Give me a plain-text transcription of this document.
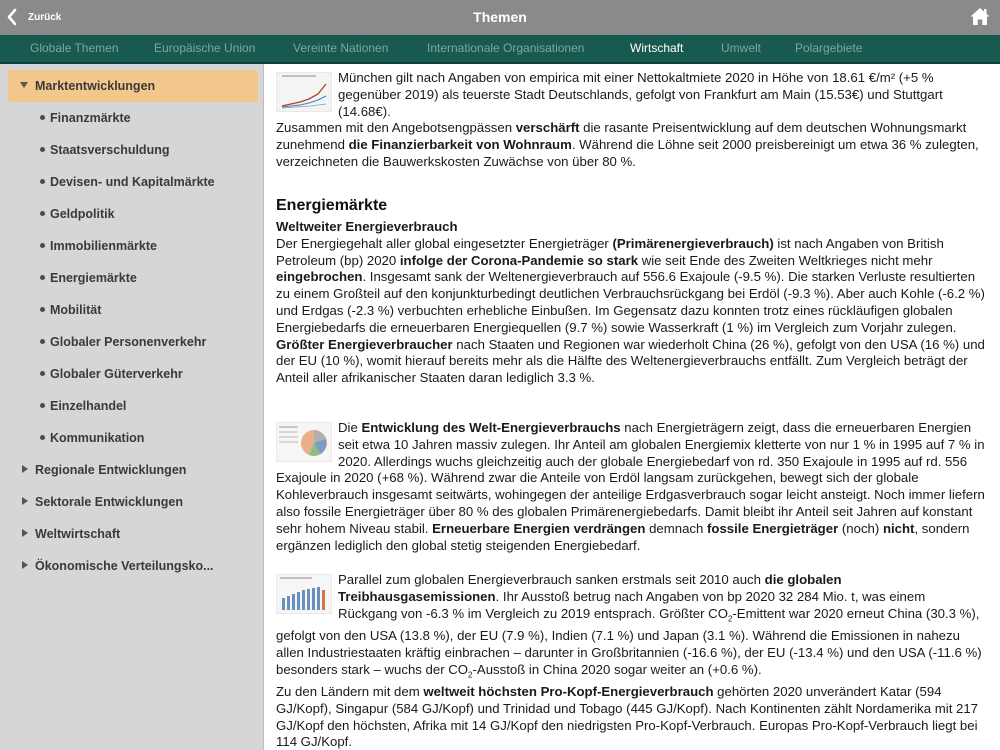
Zurück	Themen
Globale Themen	Europäische Union	Vereinte Nationen	Internationale Organisationen	Wirtschaft	Umwelt	Polargebiete
Marktentwicklungen
Finanzmärkte
Staatsverschuldung
Devisen- und Kapitalmärkte
Geldpolitik
Immobilienmärkte
Energiemärkte
Mobilität
Globaler Personenverkehr
Globaler Güterverkehr
Einzelhandel
Kommunikation
Regionale Entwicklungen
Sektorale Entwicklungen
Weltwirtschaft
Ökonomische Verteilungsko...
München gilt nach Angaben von empirica mit einer Nettokaltmiete 2020 in Höhe von 18.61 €/m² (+5 % gegenüber 2019) als teuerste Stadt Deutschlands, gefolgt von Frankfurt am Main (15.53€) und Stuttgart (14.68€).
Zusammen mit den Angebotsengpässen verschärft die rasante Preisentwicklung auf dem deutschen Wohnungsmarkt zunehmend die Finanzierbarkeit von Wohnraum. Während die Löhne seit 2000 preisbereinigt um etwa 36 % zulegten, verzeichneten die Bauwerkskosten Zuwächse von über 80 %.
Energiemärkte
Weltweiter Energieverbrauch
Der Energiegehalt aller global eingesetzter Energieträger (Primärenergieverbrauch) ist nach Angaben von British Petroleum (bp) 2020 infolge der Corona-Pandemie so stark wie seit Ende des Zweiten Weltkrieges nicht mehr eingebrochen. Insgesamt sank der Weltenergieverbrauch auf 556.6 Exajoule (-9.5 %). Die starken Verluste resultierten zu einem Großteil auf den konjunkturbedingt deutlichen Verbrauchsrückgang bei Erdöl (-9.3 %). Aber auch Kohle (-6.2 %) und Erdgas (-2.3 %) verbuchten erhebliche Einbußen. Im Gegensatz dazu konnten trotz eines rückläufigen globalen Energiebedarfs die erneuerbaren Energiequellen (9.7 %) sowie Wasserkraft (1 %) im Vergleich zum Vorjahr zulegen.
Größter Energieverbraucher nach Staaten und Regionen war wiederholt China (26 %), gefolgt von den USA (16 %) und der EU (10 %), womit hierauf bereits mehr als die Hälfte des Weltenergieverbrauchs entfällt. Zum Vergleich beträgt der Anteil aller afrikanischer Staaten daran lediglich 3.3 %.
Die Entwicklung des Welt-Energieverbrauchs nach Energieträgern zeigt, dass die erneuerbaren Energien seit etwa 10 Jahren massiv zulegen. Ihr Anteil am globalen Energiemix kletterte von nur 1 % in 1995 auf 7 % in 2020. Allerdings wuchs gleichzeitig auch der globale Energiebedarf von rd. 350 Exajoule in 1995 auf rd. 556 Exajoule in 2020 (+68 %). Während zwar die Anteile von Erdöl langsam zurückgehen, bewegt sich der globale Kohleverbrauch insgesamt seitwärts, wohingegen der anteilige Erdgasverbrauch sogar leicht ansteigt. Noch immer liefern also fossile Energieträger über 80 % des globalen Primärenergiebedarfs. Damit bleibt ihr Anteil seit Jahren auf konstant sehr hohem Niveau stabil. Erneuerbare Energien verdrängen demnach fossile Energieträger (noch) nicht, sondern ergänzen lediglich den global stetig steigenden Energiebedarf.
Parallel zum globalen Energieverbrauch sanken erstmals seit 2010 auch die globalen Treibhausgasemissionen. Ihr Ausstoß betrug nach Angaben von bp 2020 32 284 Mio. t, was einem Rückgang von -6.3 % im Vergleich zu 2019 entsprach. Größter $CO_2$-Emittent war 2020 erneut China (30.3 %), gefolgt von den USA (13.8 %), der EU (7.9 %), Indien (7.1 %) und Japan (3.1 %). Während die Emissionen in nahezu allen Industriestaaten kräftig einbrachen – darunter in Großbritannien (-16.6 %), der EU (-13.4 %) und den USA (-11.6 %) besonders stark – wuchs der $CO_2$-Ausstoß in China 2020 sogar weiter an (+0.6 %).
Zu den Ländern mit dem weltweit höchsten Pro-Kopf-Energieverbrauch gehörten 2020 unverändert Katar (594 GJ/Kopf), Singapur (584 GJ/Kopf) und Trinidad und Tobago (445 GJ/Kopf). Nach Kontinenten zählt Nordamerika mit 217 GJ/Kopf den höchsten, Afrika mit 14 GJ/Kopf den niedrigsten Pro-Kopf-Verbrauch. Europas Pro-Kopf-Verbrauch liegt bei 114 GJ/Kopf.
